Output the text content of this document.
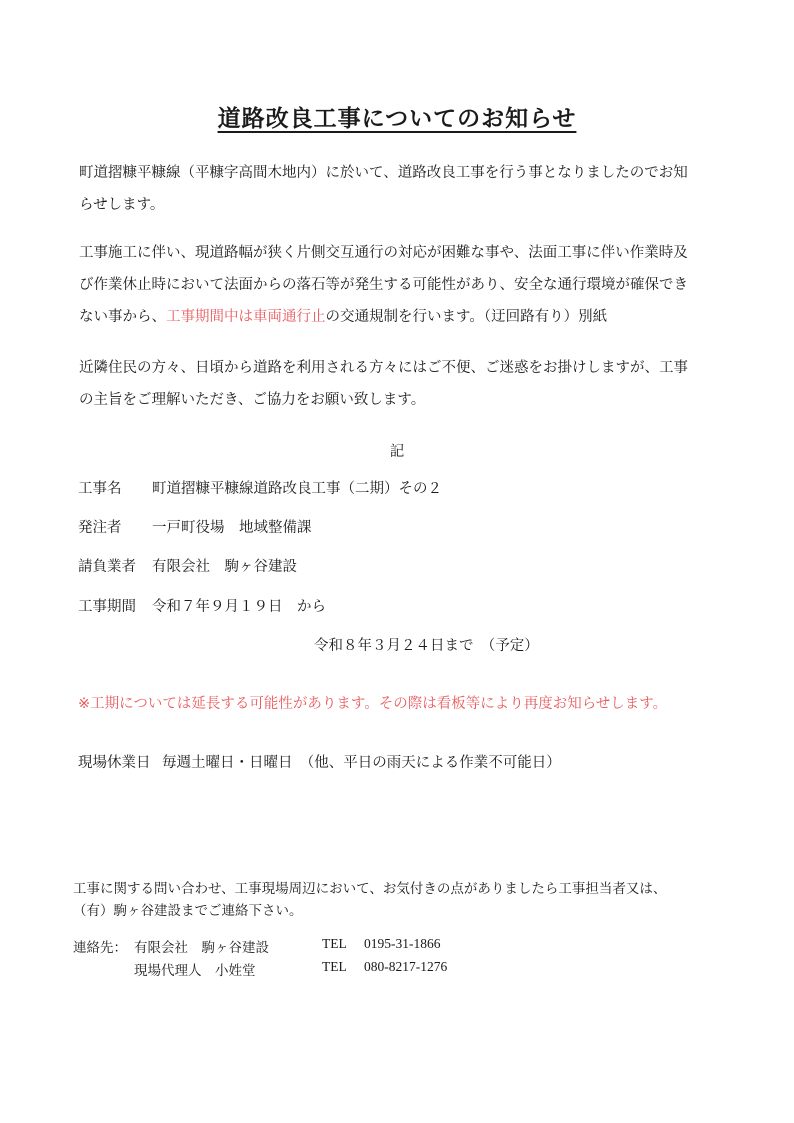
道路改良工事についてのお知らせ
町道摺糠平糠線（平糠字高間木地内）に於いて、道路改良工事を行う事となりましたのでお知
らせします。
工事施工に伴い、現道路幅が狭く片側交互通行の対応が困難な事や、法面工事に伴い作業時及
び作業休止時において法面からの落石等が発生する可能性があり、安全な通行環境が確保でき
ない事から、工事期間中は車両通行止の交通規制を行います。（迂回路有り）別紙
近隣住民の方々、日頃から道路を利用される方々にはご不便、ご迷惑をお掛けしますが、工事
の主旨をご理解いただき、ご協力をお願い致します。
記
工事名 町道摺糠平糠線道路改良工事（二期）その２
発注者 一戸町役場　地域整備課
請負業者 有限会社　駒ヶ谷建設
工事期間 令和７年９月１９日　から
令和８年３月２４日まで　（予定）
※工期については延長する可能性があります。その際は看板等により再度お知らせします。
現場休業日 毎週土曜日・日曜日　（他、平日の雨天による作業不可能日）
工事に関する問い合わせ、工事現場周辺において、お気付きの点がありましたら工事担当者又は、
（有）駒ヶ谷建設までご連絡下さい。
連絡先： 有限会社　駒ヶ谷建設	TEL 0195-31-1866
現場代理人　小姓堂	TEL 080-8217-1276
